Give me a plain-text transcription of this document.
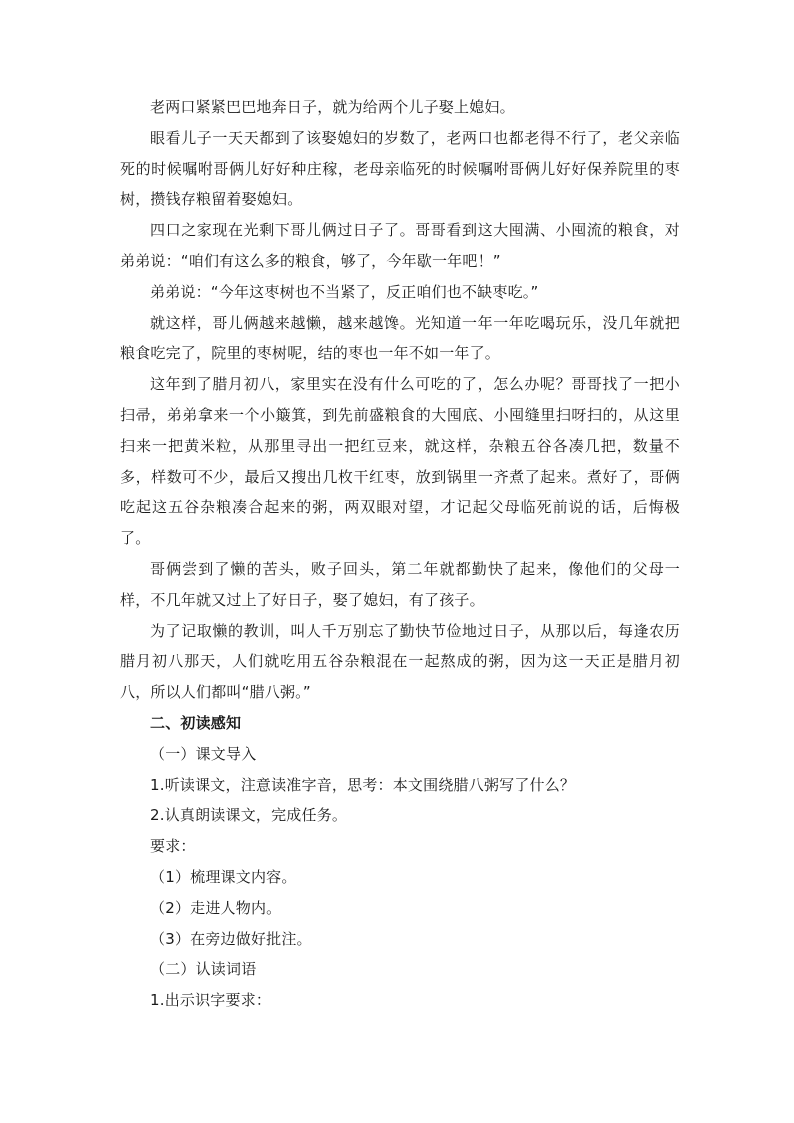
老两口紧紧巴巴地奔日子，就为给两个儿子娶上媳妇。

眼看儿子一天天都到了该娶媳妇的岁数了，老两口也都老得不行了，老父亲临死的时候嘱咐哥俩儿好好种庄稼，老母亲临死的时候嘱咐哥俩儿好好保养院里的枣树，攒钱存粮留着娶媳妇。

四口之家现在光剩下哥儿俩过日子了。哥哥看到这大囤满、小囤流的粮食，对弟弟说：“咱们有这么多的粮食，够了，今年歇一年吧！”

弟弟说：“今年这枣树也不当紧了，反正咱们也不缺枣吃。”

就这样，哥儿俩越来越懒，越来越馋。光知道一年一年吃喝玩乐，没几年就把粮食吃完了，院里的枣树呢，结的枣也一年不如一年了。

这年到了腊月初八，家里实在没有什么可吃的了，怎么办呢？哥哥找了一把小扫帚，弟弟拿来一个小簸箕，到先前盛粮食的大囤底、小囤缝里扫呀扫的，从这里扫来一把黄米粒，从那里寻出一把红豆来，就这样，杂粮五谷各凑几把，数量不多，样数可不少，最后又搜出几枚干红枣，放到锅里一齐煮了起来。煮好了，哥俩吃起这五谷杂粮凑合起来的粥，两双眼对望，才记起父母临死前说的话，后悔极了。

哥俩尝到了懒的苦头，败子回头，第二年就都勤快了起来，像他们的父母一样，不几年就又过上了好日子，娶了媳妇，有了孩子。

为了记取懒的教训，叫人千万别忘了勤快节俭地过日子，从那以后，每逢农历腊月初八那天，人们就吃用五谷杂粮混在一起熬成的粥，因为这一天正是腊月初八，所以人们都叫“腊八粥。”

二、初读感知

（一）课文导入

1.听读课文，注意读准字音，思考：本文围绕腊八粥写了什么？

2.认真朗读课文，完成任务。

要求：

（1）梳理课文内容。

（2）走进人物内。

（3）在旁边做好批注。

（二）认读词语

1.出示识字要求：
